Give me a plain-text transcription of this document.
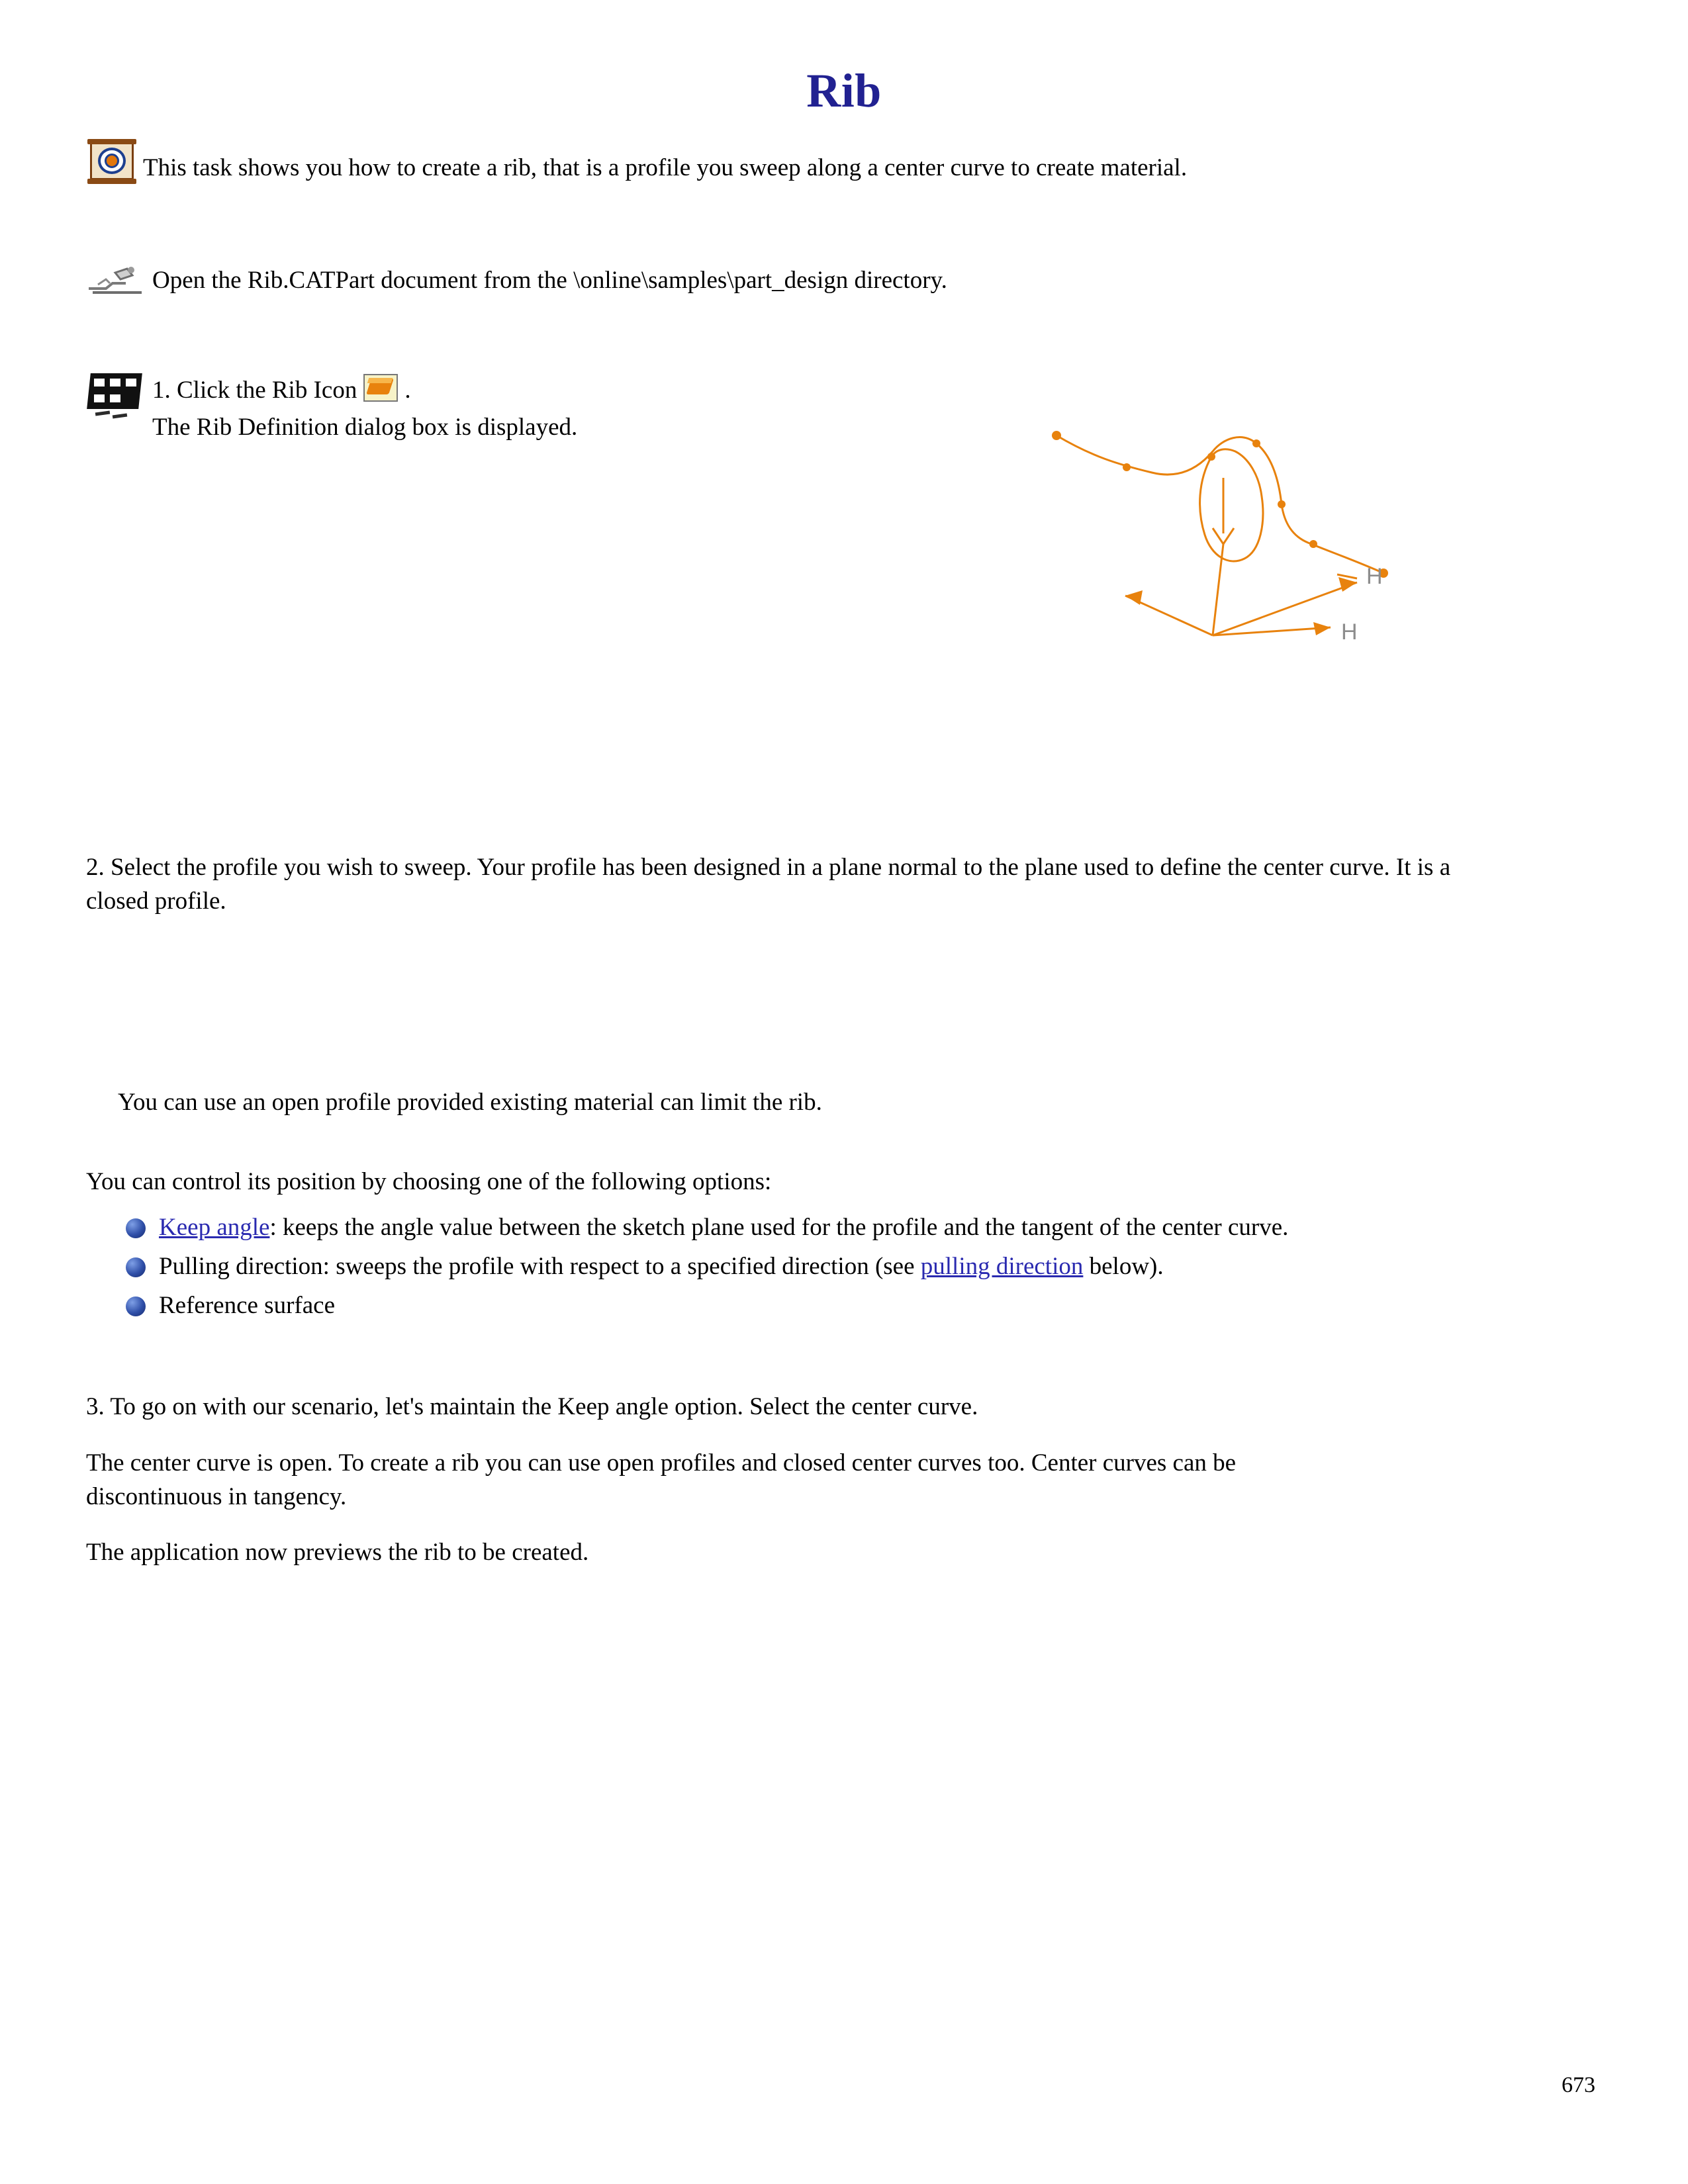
Rib
This task shows you how to create a rib, that is a profile you sweep along a center curve to create material.
Open the Rib.CATPart document from the \online\samples\part_design directory.
1. Click the Rib Icon .
The Rib Definition dialog box is displayed.
2. Select the profile you wish to sweep. Your profile has been designed in a plane normal to the plane used to define the center curve. It is a closed profile.
You can use an open profile provided existing material can limit the rib.
You can control its position by choosing one of the following options:
Keep angle: keeps the angle value between the sketch plane used for the profile and the tangent of the center curve.
Pulling direction: sweeps the profile with respect to a specified direction (see pulling direction below).
Reference surface
3. To go on with our scenario, let's maintain the Keep angle option. Select the center curve.
The center curve is open. To create a rib you can use open profiles and closed center curves too. Center curves can be discontinuous in tangency.
The application now previews the rib to be created.
H
H
673
